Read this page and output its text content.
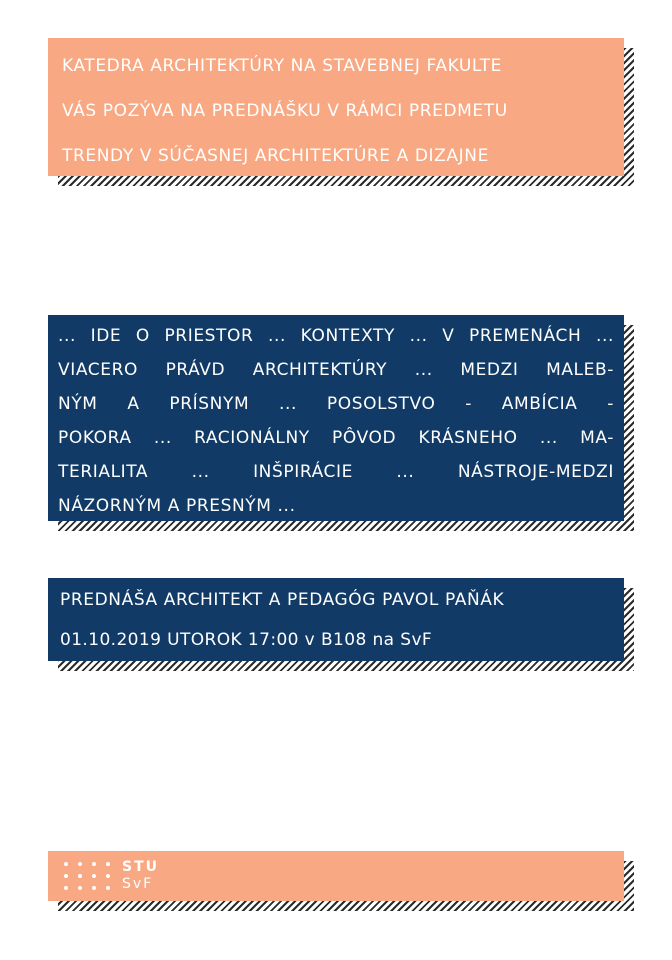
KATEDRA ARCHITEKTÚRY NA STAVEBNEJ FAKULTE
VÁS POZÝVA NA PREDNÁŠKU V RÁMCI PREDMETU
TRENDY V SÚČASNEJ ARCHITEKTÚRE A DIZAJNE
... IDE O PRIESTOR ... KONTEXTY ... V PREMENÁCH ...
VIACERO PRÁVD ARCHITEKTÚRY ... MEDZI MALEB-
NÝM A PRÍSNYM ... POSOLSTVO - AMBÍCIA -
POKORA ... RACIONÁLNY PÔVOD KRÁSNEHO ... MA-
TERIALITA	...	INŠPIRÁCIE	...	NÁSTROJE-MEDZI
NÁZORNÝM A PRESNÝM ...
PREDNÁŠA ARCHITEKT A PEDAGÓG PAVOL PAŇÁK
01.10.2019 UTOROK 17:00 v B108 na SvF
STU
SvF
